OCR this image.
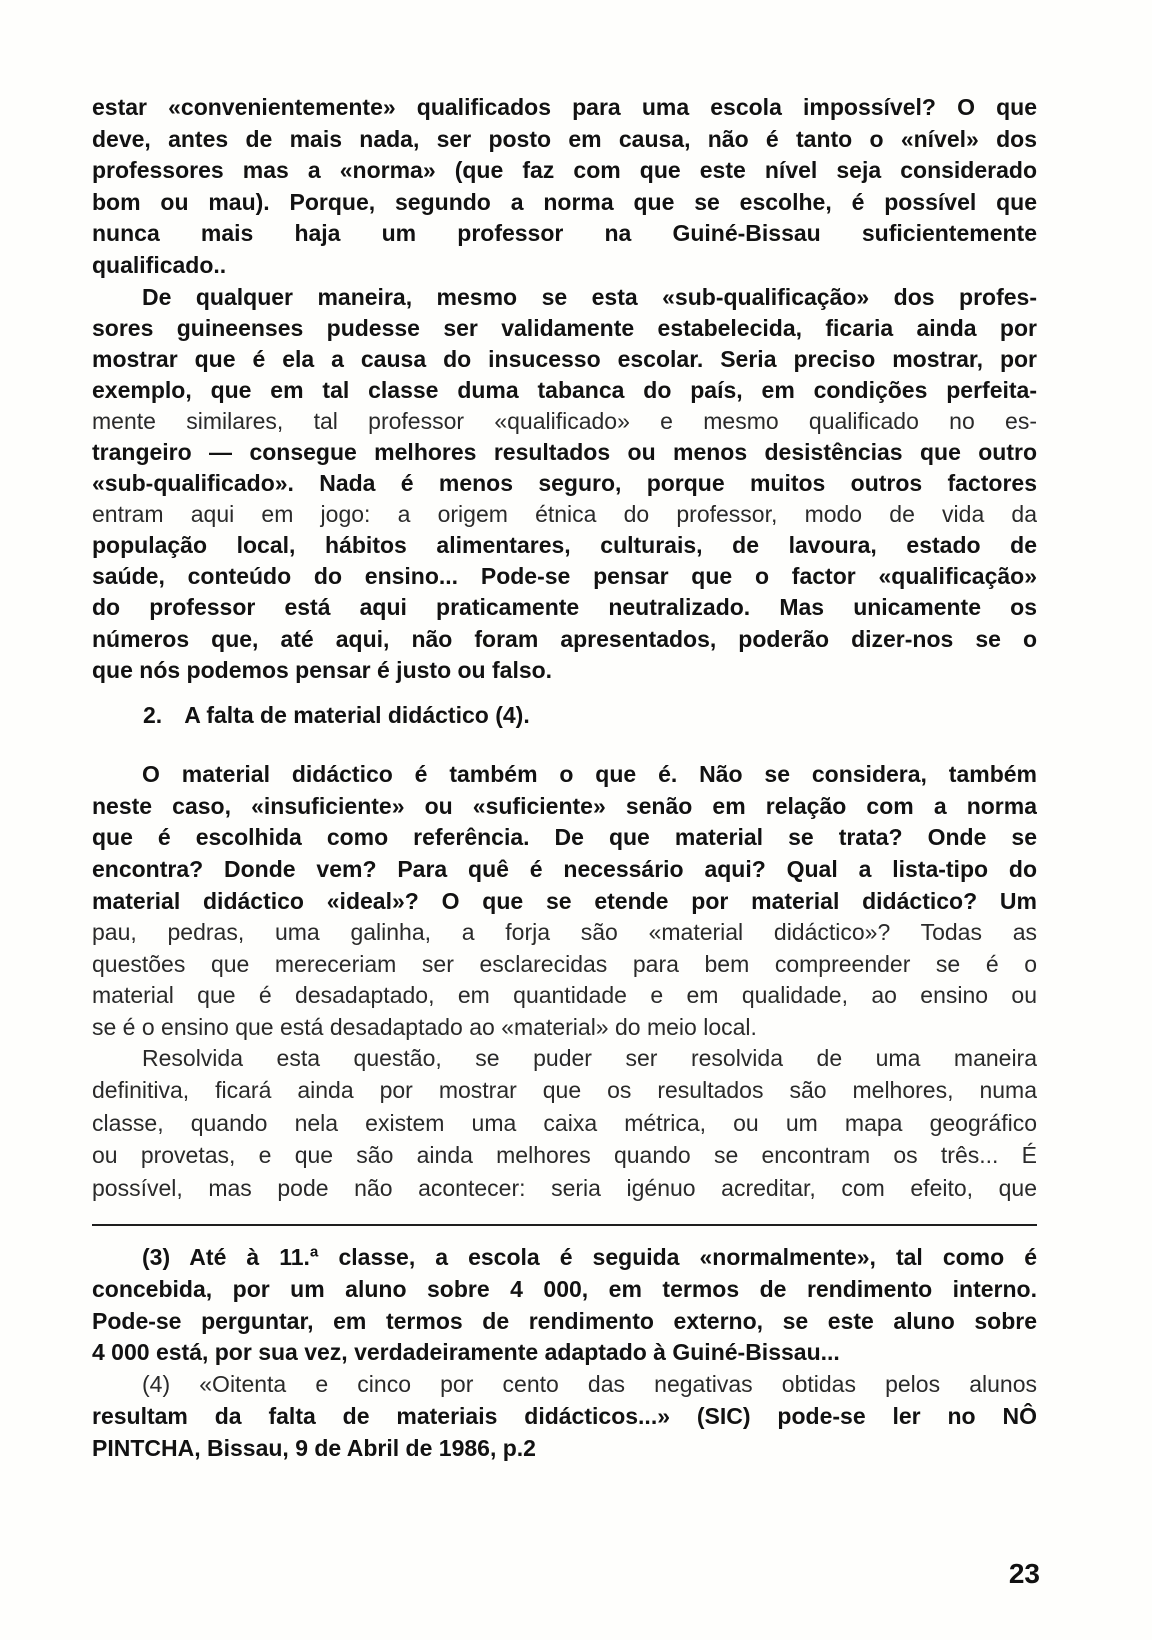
estar «convenientemente» qualificados para uma escola impossível? O que
deve, antes de mais nada, ser posto em causa, não é tanto o «nível» dos
professores mas a «norma» (que faz com que este nível seja considerado
bom ou mau). Porque, segundo a norma que se escolhe, é possível que
nunca mais haja um professor na Guiné-Bissau suficientemente
qualificado..
De qualquer maneira, mesmo se esta «sub-qualificação» dos profes-
sores guineenses pudesse ser validamente estabelecida, ficaria ainda por
mostrar que é ela a causa do insucesso escolar. Seria preciso mostrar, por
exemplo, que em tal classe duma tabanca do país, em condições perfeita-
mente similares, tal professor «qualificado» e mesmo qualificado no es-
trangeiro — consegue melhores resultados ou menos desistências que outro
«sub-qualificado». Nada é menos seguro, porque muitos outros factores
entram aqui em jogo: a origem étnica do professor, modo de vida da
população local, hábitos alimentares, culturais, de lavoura, estado de
saúde, conteúdo do ensino... Pode-se pensar que o factor «qualificação»
do professor está aqui praticamente neutralizado. Mas unicamente os
números que, até aqui, não foram apresentados, poderão dizer-nos se o
que nós podemos pensar é justo ou falso.
2. A falta de material didáctico (4).
O material didáctico é também o que é. Não se considera, também
neste caso, «insuficiente» ou «suficiente» senão em relação com a norma
que é escolhida como referência. De que material se trata? Onde se
encontra? Donde vem? Para quê é necessário aqui? Qual a lista-tipo do
material didáctico «ideal»? O que se etende por material didáctico? Um
pau, pedras, uma galinha, a forja são «material didáctico»? Todas as
questões que mereceriam ser esclarecidas para bem compreender se é o
material que é desadaptado, em quantidade e em qualidade, ao ensino ou
se é o ensino que está desadaptado ao «material» do meio local.
Resolvida esta questão, se puder ser resolvida de uma maneira
definitiva, ficará ainda por mostrar que os resultados são melhores, numa
classe, quando nela existem uma caixa métrica, ou um mapa geográfico
ou provetas, e que são ainda melhores quando se encontram os três... É
possível, mas pode não acontecer: seria igénuo acreditar, com efeito, que
(3) Até à 11.ª classe, a escola é seguida «normalmente», tal como é
concebida, por um aluno sobre 4 000, em termos de rendimento interno.
Pode-se perguntar, em termos de rendimento externo, se este aluno sobre
4 000 está, por sua vez, verdadeiramente adaptado à Guiné-Bissau...
(4) «Oitenta e cinco por cento das negativas obtidas pelos alunos
resultam da falta de materiais didácticos...» (SIC) pode-se ler no NÔ
PINTCHA, Bissau, 9 de Abril de 1986, p.2
23
